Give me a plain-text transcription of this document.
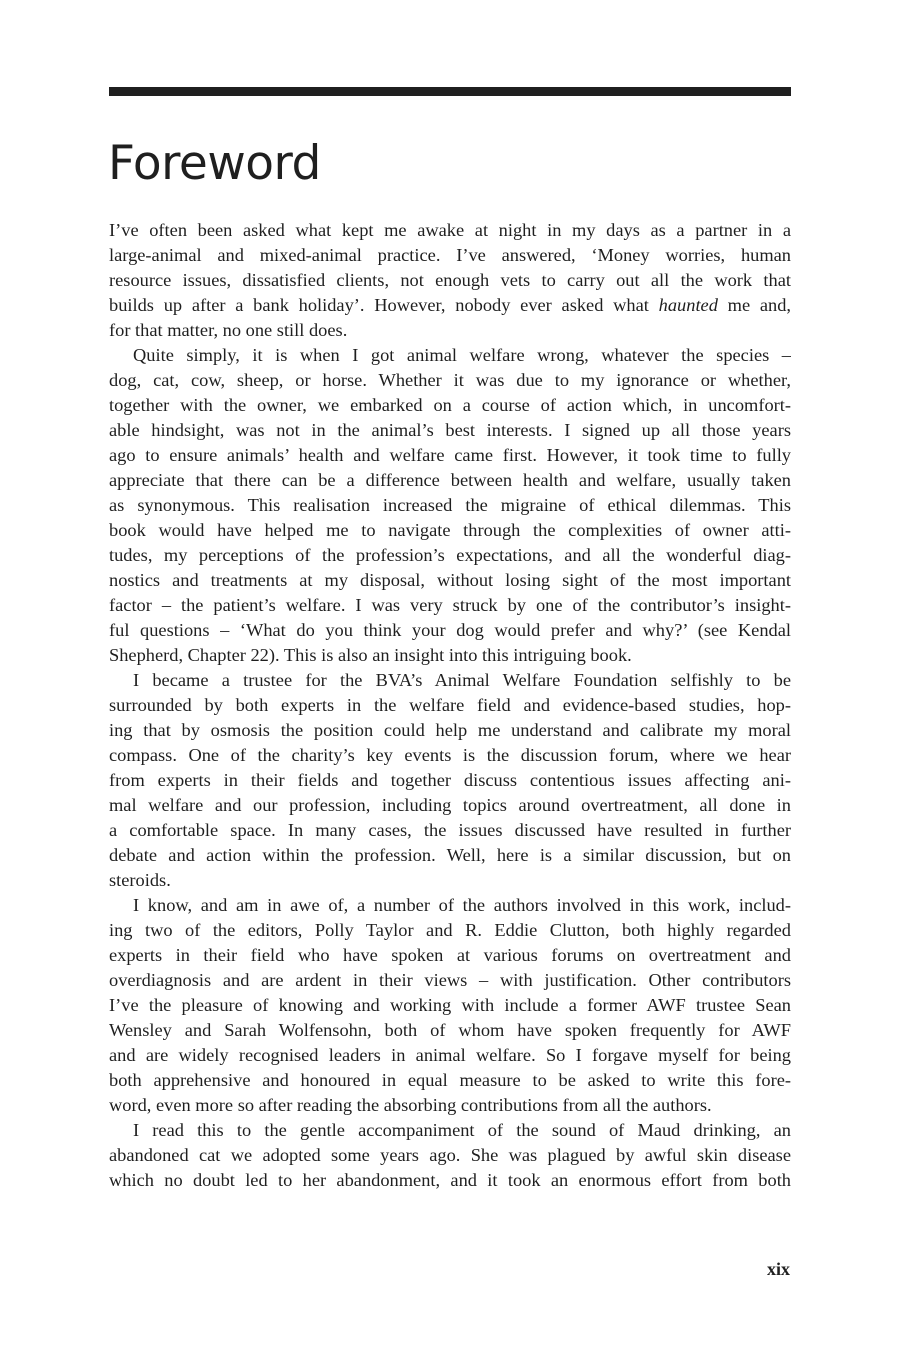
Foreword
I’ve often been asked what kept me awake at night in my days as a partner in a
large-animal and mixed-animal practice. I’ve answered, ‘Money worries, human
resource issues, dissatisfied clients, not enough vets to carry out all the work that
builds up after a bank holiday’. However, nobody ever asked what haunted me and,
for that matter, no one still does.
Quite simply, it is when I got animal welfare wrong, whatever the species –
dog, cat, cow, sheep, or horse. Whether it was due to my ignorance or whether,
together with the owner, we embarked on a course of action which, in uncomfort-
able hindsight, was not in the animal’s best interests. I signed up all those years
ago to ensure animals’ health and welfare came first. However, it took time to fully
appreciate that there can be a difference between health and welfare, usually taken
as synonymous. This realisation increased the migraine of ethical dilemmas. This
book would have helped me to navigate through the complexities of owner atti-
tudes, my perceptions of the profession’s expectations, and all the wonderful diag-
nostics and treatments at my disposal, without losing sight of the most important
factor – the patient’s welfare. I was very struck by one of the contributor’s insight-
ful questions – ‘What do you think your dog would prefer and why?’ (see Kendal
Shepherd, Chapter 22). This is also an insight into this intriguing book.
I became a trustee for the BVA’s Animal Welfare Foundation selfishly to be
surrounded by both experts in the welfare field and evidence-based studies, hop-
ing that by osmosis the position could help me understand and calibrate my moral
compass. One of the charity’s key events is the discussion forum, where we hear
from experts in their fields and together discuss contentious issues affecting ani-
mal welfare and our profession, including topics around overtreatment, all done in
a comfortable space. In many cases, the issues discussed have resulted in further
debate and action within the profession. Well, here is a similar discussion, but on
steroids.
I know, and am in awe of, a number of the authors involved in this work, includ-
ing two of the editors, Polly Taylor and R. Eddie Clutton, both highly regarded
experts in their field who have spoken at various forums on overtreatment and
overdiagnosis and are ardent in their views – with justification. Other contributors
I’ve the pleasure of knowing and working with include a former AWF trustee Sean
Wensley and Sarah Wolfensohn, both of whom have spoken frequently for AWF
and are widely recognised leaders in animal welfare. So I forgave myself for being
both apprehensive and honoured in equal measure to be asked to write this fore-
word, even more so after reading the absorbing contributions from all the authors.
I read this to the gentle accompaniment of the sound of Maud drinking, an
abandoned cat we adopted some years ago. She was plagued by awful skin disease
which no doubt led to her abandonment, and it took an enormous effort from both
xix
